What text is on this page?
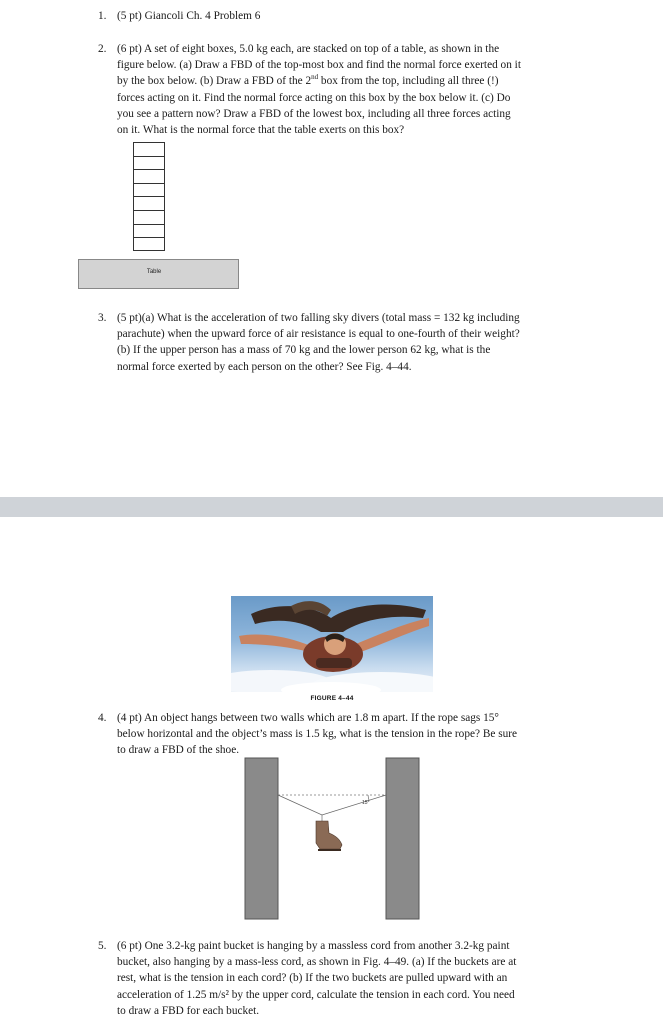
1. (5 pt) Giancoli Ch. 4 Problem 6

2. (6 pt) A set of eight boxes, 5.0 kg each, are stacked on top of a table, as shown in the

figure below. (a) Draw a FBD of the top-most box and find the normal force exerted on it

by the box below. (b) Draw a FBD of the 2nd box from the top, including all three (!)

forces acting on it. Find the normal force acting on this box by the box below it. (c) Do

you see a pattern now? Draw a FBD of the lowest box, including all three forces acting

on it. What is the normal force that the table exerts on this box?

Table
3. (5 pt)(a) What is the acceleration of two falling sky divers (total mass = 132 kg including

parachute) when the upward force of air resistance is equal to one-fourth of their weight?

(b) If the upper person has a mass of 70 kg and the lower person 62 kg, what is the

normal force exerted by each person on the other? See Fig. 4–44.

FIGURE 4–44
4. (4 pt) An object hangs between two walls which are 1.8 m apart. If the rope sags 15°

below horizontal and the object’s mass is 1.5 kg, what is the tension in the rope? Be sure

to draw a FBD of the shoe.

15°
5. (6 pt) One 3.2-kg paint bucket is hanging by a massless cord from another 3.2-kg paint

bucket, also hanging by a mass-less cord, as shown in Fig. 4–49. (a) If the buckets are at

rest, what is the tension in each cord? (b) If the two buckets are pulled upward with an

acceleration of 1.25 m/s² by the upper cord, calculate the tension in each cord. You need

to draw a FBD for each bucket.
